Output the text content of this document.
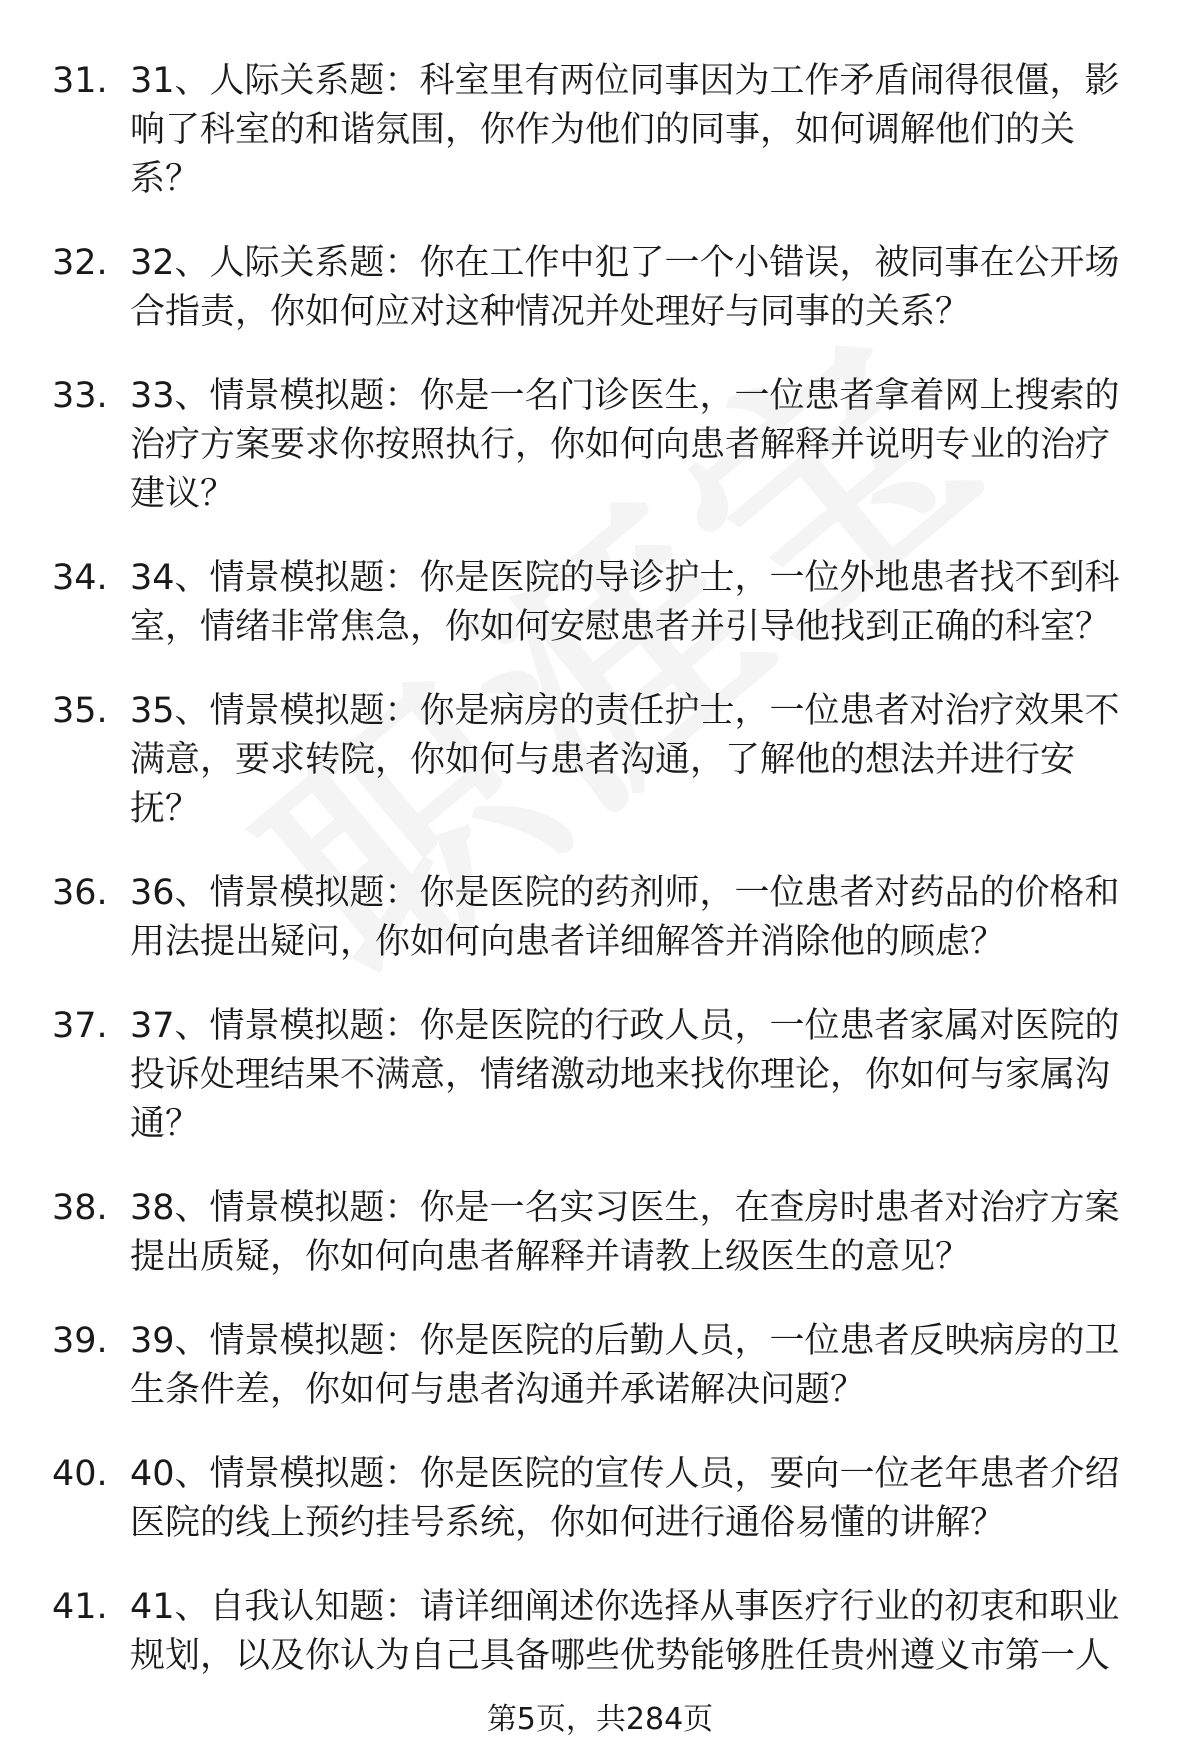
31. 31、人际关系题：科室里有两位同事因为工作矛盾闹得很僵，影响了科室的和谐氛围，你作为他们的同事，如何调解他们的关系？
32. 32、人际关系题：你在工作中犯了一个小错误，被同事在公开场合指责，你如何应对这种情况并处理好与同事的关系？
33. 33、情景模拟题：你是一名门诊医生，一位患者拿着网上搜索的治疗方案要求你按照执行，你如何向患者解释并说明专业的治疗建议？
34. 34、情景模拟题：你是医院的导诊护士，一位外地患者找不到科室，情绪非常焦急，你如何安慰患者并引导他找到正确的科室？
35. 35、情景模拟题：你是病房的责任护士，一位患者对治疗效果不满意，要求转院，你如何与患者沟通，了解他的想法并进行安抚？
36. 36、情景模拟题：你是医院的药剂师，一位患者对药品的价格和用法提出疑问，你如何向患者详细解答并消除他的顾虑？
37. 37、情景模拟题：你是医院的行政人员，一位患者家属对医院的投诉处理结果不满意，情绪激动地来找你理论，你如何与家属沟通？
38. 38、情景模拟题：你是一名实习医生，在查房时患者对治疗方案提出质疑，你如何向患者解释并请教上级医生的意见？
39. 39、情景模拟题：你是医院的后勤人员，一位患者反映病房的卫生条件差，你如何与患者沟通并承诺解决问题？
40. 40、情景模拟题：你是医院的宣传人员，要向一位老年患者介绍医院的线上预约挂号系统，你如何进行通俗易懂的讲解？
41. 41、自我认知题：请详细阐述你选择从事医疗行业的初衷和职业规划，以及你认为自己具备哪些优势能够胜任贵州遵义市第一人
第5页，共284页
